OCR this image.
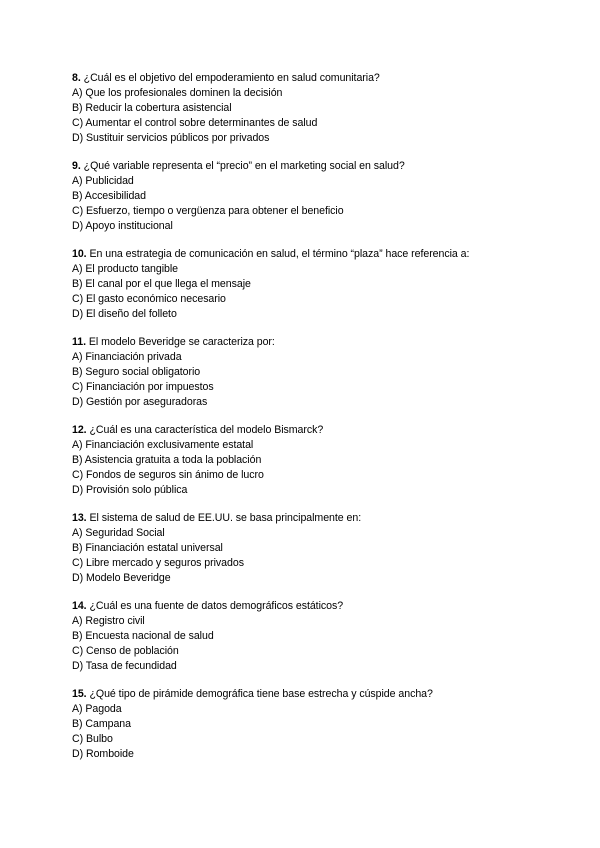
8. ¿Cuál es el objetivo del empoderamiento en salud comunitaria?
A) Que los profesionales dominen la decisión
B) Reducir la cobertura asistencial
C) Aumentar el control sobre determinantes de salud
D) Sustituir servicios públicos por privados
9. ¿Qué variable representa el “precio” en el marketing social en salud?
A) Publicidad
B) Accesibilidad
C) Esfuerzo, tiempo o vergüenza para obtener el beneficio
D) Apoyo institucional
10. En una estrategia de comunicación en salud, el término “plaza” hace referencia a:
A) El producto tangible
B) El canal por el que llega el mensaje
C) El gasto económico necesario
D) El diseño del folleto
11. El modelo Beveridge se caracteriza por:
A) Financiación privada
B) Seguro social obligatorio
C) Financiación por impuestos
D) Gestión por aseguradoras
12. ¿Cuál es una característica del modelo Bismarck?
A) Financiación exclusivamente estatal
B) Asistencia gratuita a toda la población
C) Fondos de seguros sin ánimo de lucro
D) Provisión solo pública
13. El sistema de salud de EE.UU. se basa principalmente en:
A) Seguridad Social
B) Financiación estatal universal
C) Libre mercado y seguros privados
D) Modelo Beveridge
14. ¿Cuál es una fuente de datos demográficos estáticos?
A) Registro civil
B) Encuesta nacional de salud
C) Censo de población
D) Tasa de fecundidad
15. ¿Qué tipo de pirámide demográfica tiene base estrecha y cúspide ancha?
A) Pagoda
B) Campana
C) Bulbo
D) Romboide
